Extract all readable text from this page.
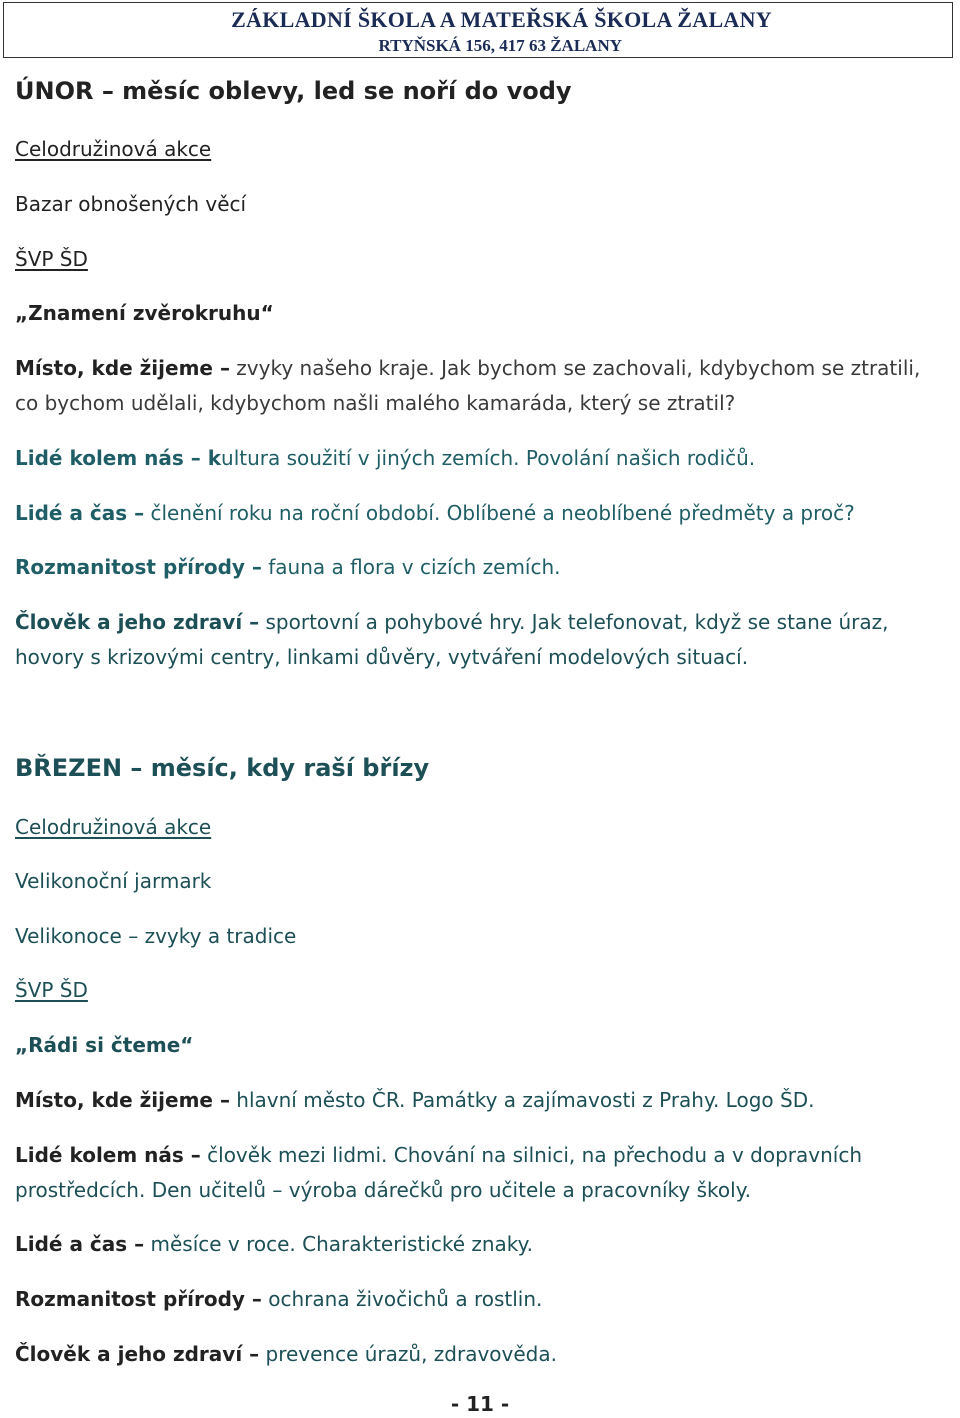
ZÁKLADNÍ ŠKOLA A MATEŘSKÁ ŠKOLA ŽALANY
RTYŇSKÁ 156, 417 63 ŽALANY
ÚNOR – měsíc oblevy, led se noří do vody
Celodružinová akce
Bazar obnošených věcí
ŠVP ŠD
„Znamení zvěrokruhu“
Místo, kde žijeme – zvyky našeho kraje. Jak bychom se zachovali, kdybychom se ztratili, co bychom udělali, kdybychom našli malého kamaráda, který se ztratil?
Lidé kolem nás – kultura soužití v jiných zemích. Povolání našich rodičů.
Lidé a čas – členění roku na roční období. Oblíbené a neoblíbené předměty a proč?
Rozmanitost přírody – fauna a flora v cizích zemích.
Člověk a jeho zdraví – sportovní a pohybové hry. Jak telefonovat, když se stane úraz, hovory s krizovými centry, linkami důvěry, vytváření modelových situací.
BŘEZEN – měsíc, kdy raší břízy
Celodružinová akce
Velikonoční jarmark
Velikonoce – zvyky a tradice
ŠVP ŠD
„Rádi si čteme“
Místo, kde žijeme – hlavní město ČR. Památky a zajímavosti z Prahy. Logo ŠD.
Lidé kolem nás – člověk mezi lidmi. Chování na silnici, na přechodu a v dopravních prostředcích. Den učitelů – výroba dárečků pro učitele a pracovníky školy.
Lidé a čas – měsíce v roce. Charakteristické znaky.
Rozmanitost přírody – ochrana živočichů a rostlin.
Člověk a jeho zdraví – prevence úrazů, zdravověda.
- 11 -
